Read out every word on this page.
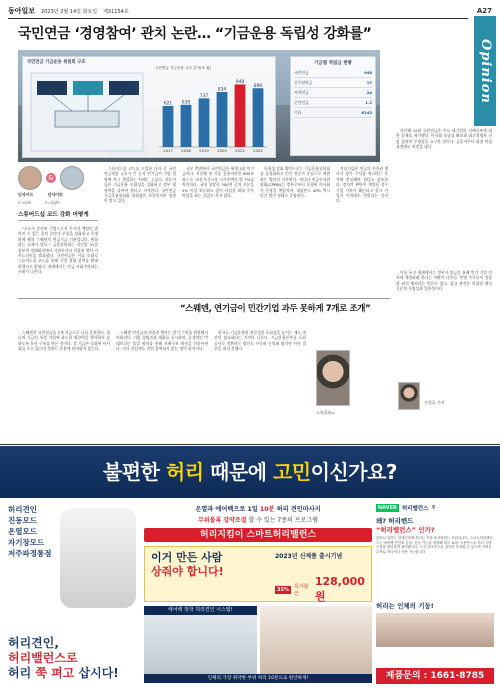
동아일보 2023년 2월 14일 화요일 제31154호	A27
Opinion
국민연금 ‘경영참여’ 관치 논란… “기금운용 독립성 강화를”
국민연금 기금운용 위원회 구조
국민연금 기금운용 규모 추이(조 원)
621
2017
639
2018
737
2019
834
2020
948
2021
890
2022
기금별 적립금 현황
국민연금	948
공무원연금	17
사학연금	24
군인연금	1.2
기타	6143
&
인사이드	인사이트
in side	in sight
스튜어드십 코드 강화 어떻게

“소유가 분산된 기업으로서 투자자 책임이 많아진 수 있는 꿈의 분야가 주질을 강화하고 투명하게 해볼 스웨덴의 연금기금 기관입니다. 변화하는 규제가 많다.” 금융위원회는 지난달 31일 정부의 정례회의에서 기관투자자 의결권 행사 가이드라인을 발표했다. 국민연금은 이를 토대로 스튜어드십 코드를 통해 기업 경영 참여를 확대하겠다고 밝혔다. 재계에서는 연금 사회주의라는 우려가 나온다.

스튜어드십 코드를 도입한 나라 중 국민연금처럼 규모가 큰 공적 연기금이 기업 경영에 적극 개입하는 사례는 드물다. 전문가들은 기금운용 독립성을 강화하고 정부 영향력을 줄여야 한다고 지적한다. 국민연금 기금운용위원회 위원장은 보건복지부 장관이 맡고 있다.

규모 측면에서 국민연금은 세계 3위 연기금이다. 지난해 말 기준 운용자산은 890조 원으로 국내 주식시장 시가총액의 약 7%를 차지한다. 국내 상장사 300여 곳의 지분을 5% 이상 보유하고 있어 사실상 최대 주주 역할을 하는 기업도 적지 않다.

독립성 강화 방안으로는 기금운용위원회를 상설화하고 민간 전문가 중심으로 재편하는 방안이 거론된다. 캐나다 연금투자위원회(CPPIB)는 정부로부터 독립된 이사회가 운용을 책임지며, 네덜란드 APG 역시 민간 법인 형태로 운영된다.

전문가들은 연금의 주주권 행사가 장기 수익률 제고라는 목적에 충실해야 한다고 강조한다. 정치적 판단이 개입될 경우 기업 가치가 훼손되고 결국 가입자 이익에도 반한다는 것이다.

지난해 12월 국민연금은 주요 대기업의 지배구조에 대한 문제를 제기했다. 이사회 독립성 확보와 최고경영자 선임 절차의 투명성을 요구한 것이다. 금융지주사 회장 연임 과정에도 의견을 냈다.

이를 두고 재계에서는 정부가 연금을 통해 민간 기업 인사에 개입하려 한다는 비판이 나온다. 반면 주주로서 정당한 권리 행사라는 반론도 있다. 결국 관건은 의결권 행사 기준의 투명성과 일관성이다.

신석호 기자
“스웨덴, 연기금이 민간기업 과두 못하게 7개로 조개”

스웨덴은 국민연금을 7개 기금으로 나눠 운용한다. 하나의 기금이 특정 기업에 과도한 영향력을 행사하지 못하도록 분산 구조를 만든 것이다. 각 기금은 독립된 이사회를 두고 있으며 정부는 운용에 관여하지 않는다.

스웨덴 연기금의 의결권 행사는 장기 수익률 관점에서 이뤄진다. 기업 경영진과 대화를 중시하며, 공개적인 반대보다는 물밑 협의를 통해 지배구조 개선을 이끌어낸다. 이사 선임에도 직접 참여하지 않는 것이 원칙이다.

한국도 기금운용의 전문성과 독립성을 높이는 제도 개선이 필요하다는 지적이 나온다. 기금운용본부를 독립 공사로 전환하는 방안도 꾸준히 논의돼 왔지만 아직 결론을 내지 못했다.

스톡홀름=
불편한 허리 때문에 고민이신가요?
허리견인
진동모드
온열모드
자기장모드
저주파정통점
허리견인,
허리밸런스로
허리 쭉 펴고 삽시다!
온열과 에어백으로 1일 10분 허리 견인마사지
무위볼록 강약조절 할 수 있는 7종의 프로그램
허리지킴이 스마트허리밸런스
이거 만든 사람
상줘야 합니다!
2023년 신제품 출시기념
35%	특가할인
128,000원
에어백 장착 허리견인 시스템!
인체의 가장 취약한 부위 허리 10분으로 편안하게!
NAVER 허리밸런스 ⚲
왜? 허리밴드
“허리밸런스” 인가?
앉아서 일하는 현대인에게 허리는 가장 혹사당하는 부위입니다. 스마트허리밸런스는 에어백 견인과 온열, 진동 기능을 결합해 하루 10분 사용만으로 허리 주변 근육을 편안하게 풀어줍니다. 무선 리모컨으로 강약을 조절할 수 있으며 가벼운 무게로 어디서나 사용 가능합니다.
허리는 인체의 기둥!
제품문의 : 1661-8785
